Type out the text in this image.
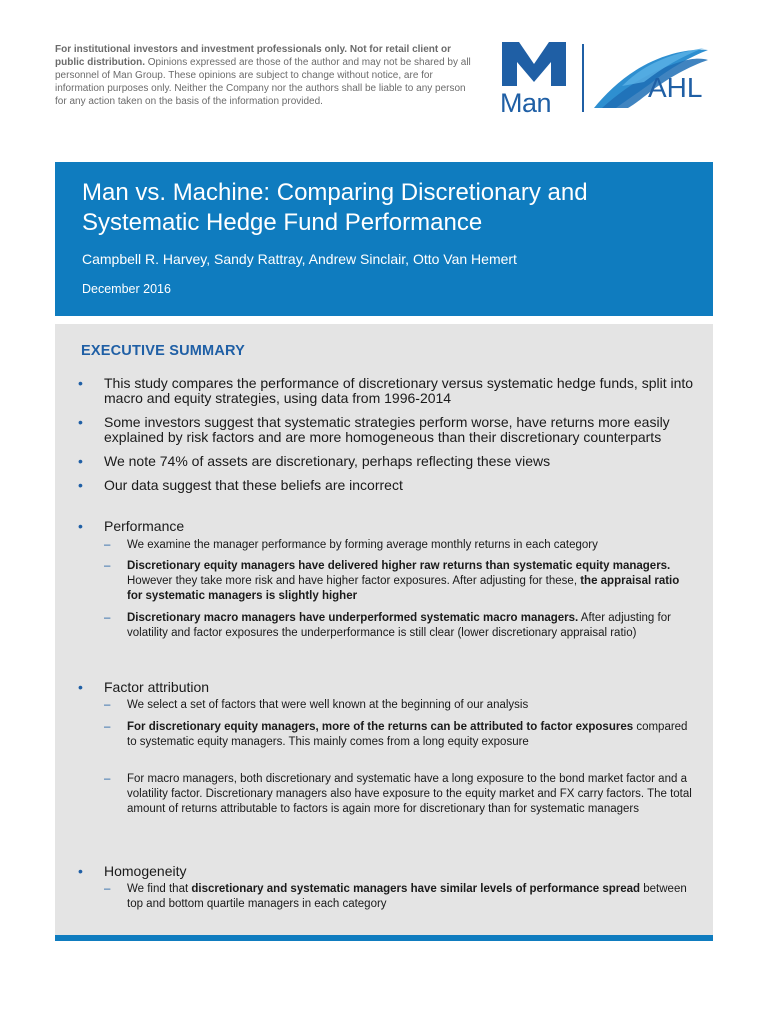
For institutional investors and investment professionals only. Not for retail client or public distribution. Opinions expressed are those of the author and may not be shared by all personnel of Man Group. These opinions are subject to change without notice, are for information purposes only. Neither the Company nor the authors shall be liable to any person for any action taken on the basis of the information provided.	Man	AHL
Man vs. Machine: Comparing Discretionary and Systematic Hedge Fund Performance
Campbell R. Harvey, Sandy Rattray, Andrew Sinclair, Otto Van Hemert
December 2016
EXECUTIVE SUMMARY
•	This study compares the performance of discretionary versus systematic hedge funds, split into macro and equity strategies, using data from 1996-2014
•	Some investors suggest that systematic strategies perform worse, have returns more easily explained by risk factors and are more homogeneous than their discretionary counterparts
•	We note 74% of assets are discretionary, perhaps reflecting these views
•	Our data suggest that these beliefs are incorrect
• Performance
– We examine the manager performance by forming average monthly returns in each category
– Discretionary equity managers have delivered higher raw returns than systematic equity managers. However they take more risk and have higher factor exposures. After adjusting for these, the appraisal ratio for systematic managers is slightly higher
– Discretionary macro managers have underperformed systematic macro managers. After adjusting for volatility and factor exposures the underperformance is still clear (lower discretionary appraisal ratio)
• Factor attribution
– We select a set of factors that were well known at the beginning of our analysis
– For discretionary equity managers, more of the returns can be attributed to factor exposures compared to systematic equity managers. This mainly comes from a long equity exposure
– For macro managers, both discretionary and systematic have a long exposure to the bond market factor and a volatility factor. Discretionary managers also have exposure to the equity market and FX carry factors. The total amount of returns attributable to factors is again more for discretionary than for systematic managers
• Homogeneity
– We find that discretionary and systematic managers have similar levels of performance spread between top and bottom quartile managers in each category
